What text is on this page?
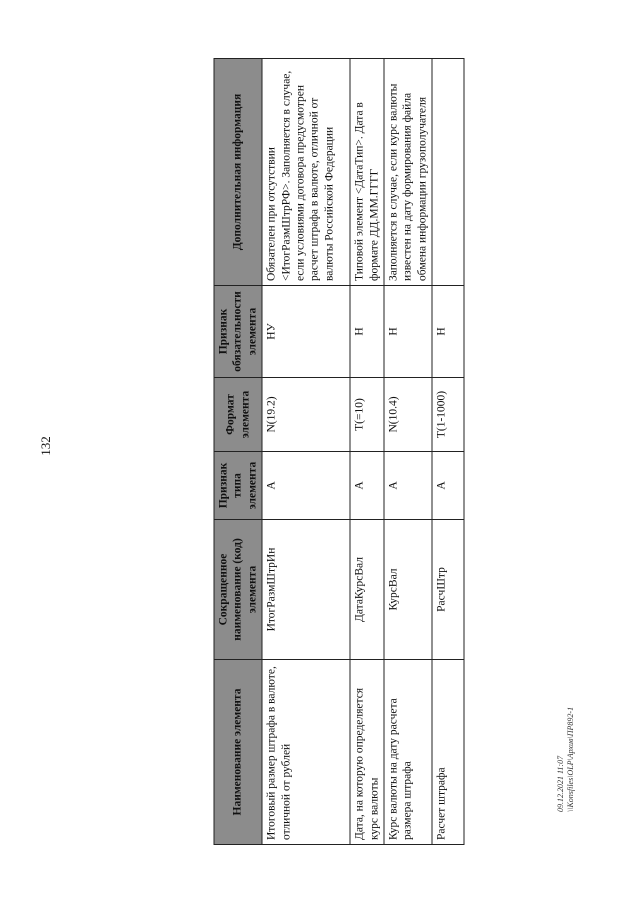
132
Наименование элемента	Сокращенное наименование (код) элемента	Признак типа элемента	Формат элемента	Признак обязательности элемента	Дополнительная информация
Итоговый размер штрафа в валюте, отличной от рублей	ИтогРазмШтрИн	А	N(19.2)	НУ	Обязателен при отсутствии <ИтогРазмШтрРФ>. Заполняется в случае, если условиями договора предусмотрен расчет штрафа в валюте, отличной от валюты Российской Федерации
Дата, на которую определяется курс валюты	ДатаКурсВал	А	T(=10)	Н	Типовой элемент <ДатаТип>. Дата в формате ДД.ММ.ГГГГ
Курс валюты на дату расчета размера штрафа	КурсВал	А	N(10.4)	Н	Заполняется в случае, если курс валюты известен на дату формирования файла обмена информации грузополучателя
Расчет штрафа	РасчШтр	А	T(1-1000)	Н	
09.12.2021 11:07 \\Konsfiles\OLP\Архив\ПР892-1
